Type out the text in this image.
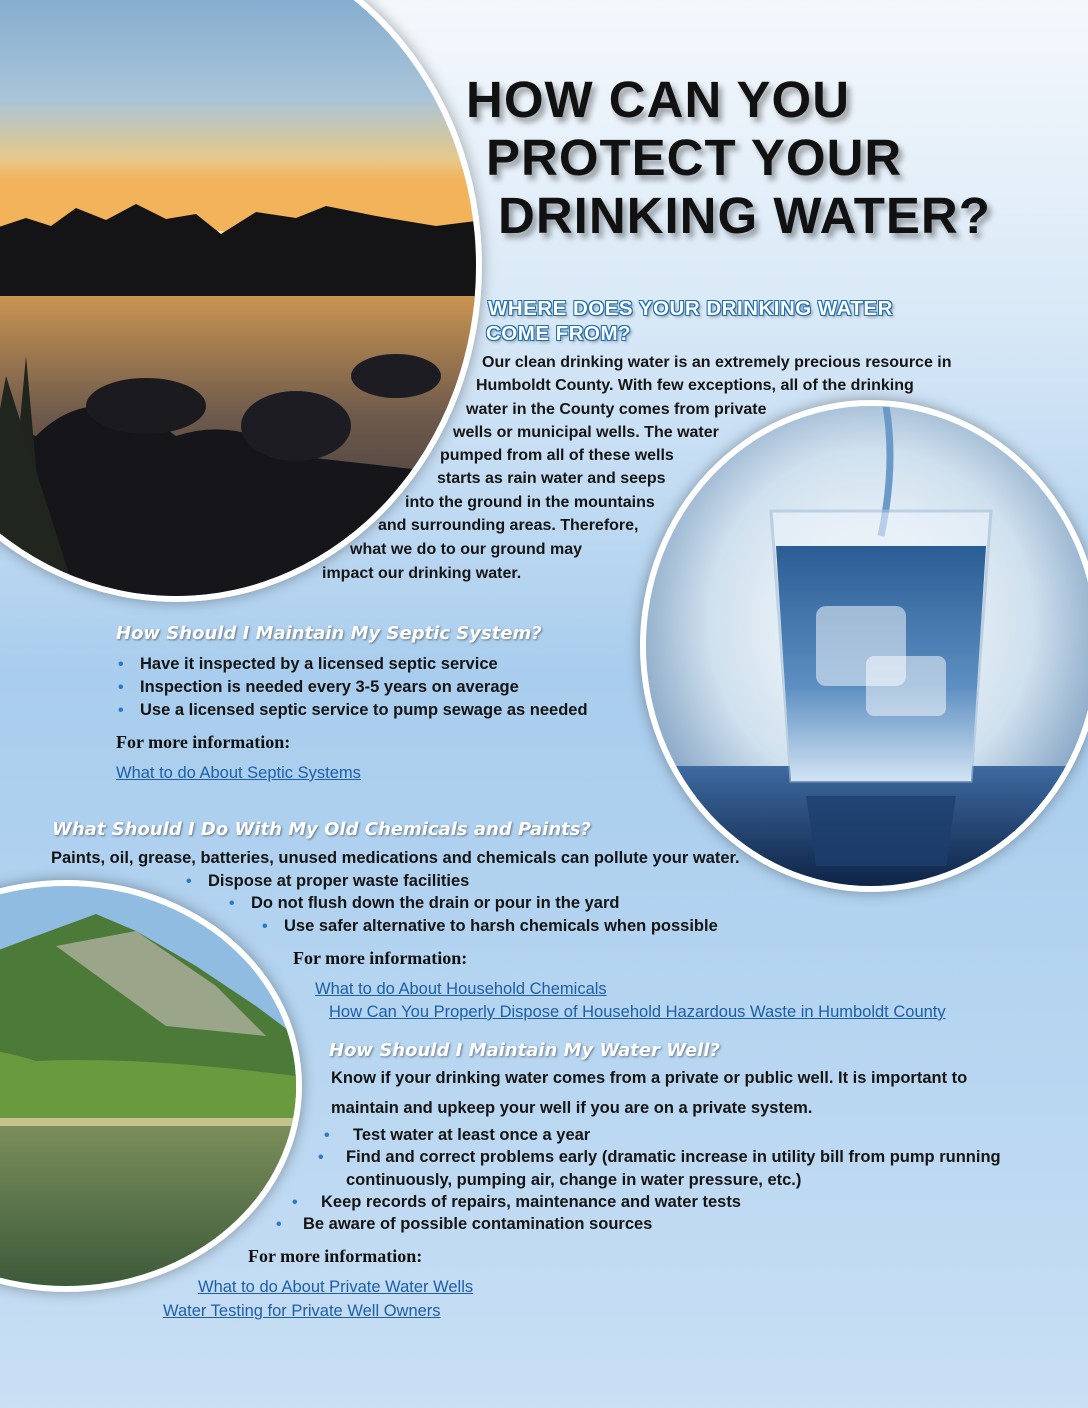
HOW CAN YOU
PROTECT YOUR
DRINKING WATER?
WHERE DOES YOUR DRINKING WATER
COME FROM?
Our clean drinking water is an extremely precious resource in
Humboldt County. With few exceptions, all of the drinking
water in the County comes from private
wells or municipal wells. The water
pumped from all of these wells
starts as rain water and seeps
into the ground in the mountains
and surrounding areas. Therefore,
what we do to our ground may
impact our drinking water.
How Should I Maintain My Septic System?
• Have it inspected by a licensed septic service
• Inspection is needed every 3-5 years on average
• Use a licensed septic service to pump sewage as needed
For more information:
What to do About Septic Systems
What Should I Do With My Old Chemicals and Paints?
Paints, oil, grease, batteries, unused medications and chemicals can pollute your water.
• Dispose at proper waste facilities
• Do not flush down the drain or pour in the yard
• Use safer alternative to harsh chemicals when possible
For more information:
What to do About Household Chemicals
How Can You Properly Dispose of Household Hazardous Waste in Humboldt County
How Should I Maintain My Water Well?
Know if your drinking water comes from a private or public well. It is important to
maintain and upkeep your well if you are on a private system.
• Test water at least once a year
• Find and correct problems early (dramatic increase in utility bill from pump running
continuously, pumping air, change in water pressure, etc.)
• Keep records of repairs, maintenance and water tests
• Be aware of possible contamination sources
For more information:
What to do About Private Water Wells
Water Testing for Private Well Owners
